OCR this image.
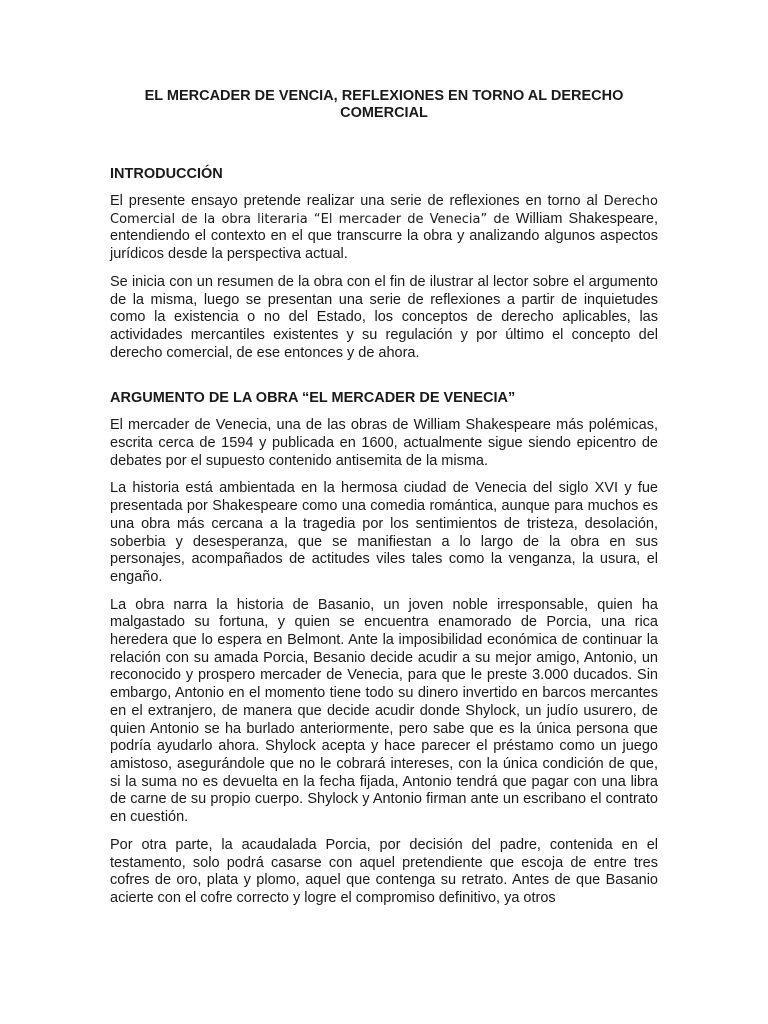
EL MERCADER DE VENCIA, REFLEXIONES EN TORNO AL DERECHO COMERCIAL
INTRODUCCIÓN

El presente ensayo pretende realizar una serie de reflexiones en torno al Derecho Comercial de la obra literaria “El mercader de Venecia” de William Shakespeare, entendiendo el contexto en el que transcurre la obra y analizando algunos aspectos jurídicos desde la perspectiva actual.

Se inicia con un resumen de la obra con el fin de ilustrar al lector sobre el argumento de la misma, luego se presentan una serie de reflexiones a partir de inquietudes como la existencia o no del Estado, los conceptos de derecho aplicables, las actividades mercantiles existentes y su regulación y por último el concepto del derecho comercial, de ese entonces y de ahora.

ARGUMENTO DE LA OBRA “EL MERCADER DE VENECIA”

El mercader de Venecia, una de las obras de William Shakespeare más polémicas, escrita cerca de 1594 y publicada en 1600, actualmente sigue siendo epicentro de debates por el supuesto contenido antisemita de la misma.

La historia está ambientada en la hermosa ciudad de Venecia del siglo XVI y fue presentada por Shakespeare como una comedia romántica, aunque para muchos es una obra más cercana a la tragedia por los sentimientos de tristeza, desolación, soberbia y desesperanza, que se manifiestan a lo largo de la obra en sus personajes, acompañados de actitudes viles tales como la venganza, la usura, el engaño.

La obra narra la historia de Basanio, un joven noble irresponsable, quien ha malgastado su fortuna, y quien se encuentra enamorado de Porcia, una rica heredera que lo espera en Belmont. Ante la imposibilidad económica de continuar la relación con su amada Porcia, Besanio decide acudir a su mejor amigo, Antonio, un reconocido y prospero mercader de Venecia, para que le preste 3.000 ducados. Sin embargo, Antonio en el momento tiene todo su dinero invertido en barcos mercantes en el extranjero, de manera que decide acudir donde Shylock, un judío usurero, de quien Antonio se ha burlado anteriormente, pero sabe que es la única persona que podría ayudarlo ahora. Shylock acepta y hace parecer el préstamo como un juego amistoso, asegurándole que no le cobrará intereses, con la única condición de que, si la suma no es devuelta en la fecha fijada, Antonio tendrá que pagar con una libra de carne de su propio cuerpo. Shylock y Antonio firman ante un escribano el contrato en cuestión.

Por otra parte, la acaudalada Porcia, por decisión del padre, contenida en el testamento, solo podrá casarse con aquel pretendiente que escoja de entre tres cofres de oro, plata y plomo, aquel que contenga su retrato. Antes de que Basanio acierte con el cofre correcto y logre el compromiso definitivo, ya otros
